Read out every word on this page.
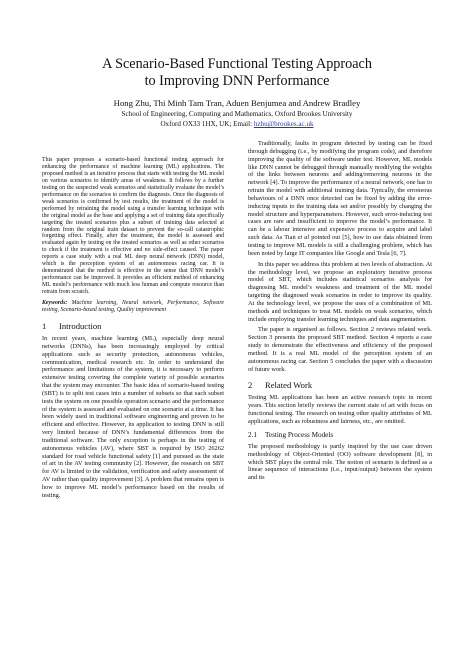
A Scenario-Based Functional Testing Approach
to Improving DNN Performance
Hong Zhu, Thi Minh Tam Tran, Aduen Benjumea and Andrew Bradley
School of Engineering, Computing and Mathematics, Oxford Brookes University
Oxford OX33 1HX, UK; Email: hzhu@brookes.ac.uk

This paper proposes a scenario-based functional testing approach for enhancing the performance of machine learning (ML) applications. The proposed method is an iterative process that starts with testing the ML model on various scenarios to identify areas of weakness. It follows by a further testing on the suspected weak scenarios and statistically evaluate the model’s performance on the scenarios to confirm the diagnosis. Once the diagnosis of weak scenarios is confirmed by test results, the treatment of the model is performed by retraining the model using a transfer learning technique with the original model as the base and applying a set of training data specifically targeting the treated scenarios plus a subset of training data selected at random from the original train dataset to prevent the so-call catastrophic forgetting effect. Finally, after the treatment, the model is assessed and evaluated again by testing on the treated scenarios as well as other scenarios to check if the treatment is effective and no side-effect caused. The paper reports a case study with a real ML deep neural network (DNN) model, which is the perception system of an autonomous racing car. It is demonstrated that the method is effective in the sense that DNN model’s performance can be improved. It provides an efficient method of enhancing ML model’s performance with much less human and compute resource than retrain from scratch.

Keywords: Machine learning, Neural network, Performance, Software testing, Scenario-based testing, Quality improvement

1 Introduction

In recent years, machine learning (ML), especially deep neural networks (DNNs), has been increasingly employed by critical applications such as security protection, autonomous vehicles, communication, medical research etc. In order to understand the performance and limitations of the system, it is necessary to perform extensive testing covering the complete variety of possible scenarios that the system may encounter. The basic idea of scenario-based testing (SBT) is to split test cases into a number of subsets so that each subset tests the system on one possible operation scenario and the performance of the system is assessed and evaluated on one scenario at a time. It has been widely used in traditional software engineering and proven to be efficient and effective. However, its application to testing DNN is still very limited because of DNN’s fundamental differences from the traditional software. The only exception is perhaps in the testing of autonomous vehicles (AV), where SBT is required by ISO 26262 standard for road vehicle functional safety [1] and pursued as the state of art in the AV testing community [2]. However, the research on SBT for AV is limited to the validation, verification and safety assessment of AV rather than quality improvement [3]. A problem that remains open is how to improve ML model’s performance based on the results of testing.

Traditionally, faults in program detected by testing can be fixed through debugging (i.e., by modifying the program code), and therefore improving the quality of the software under test. However, ML models like DNN cannot be debugged through manually modifying the weights of the links between neurons and adding/removing neurons in the network [4]. To improve the performance of a neural network, one has to retrain the model with additional training data. Typically, the erroneous behaviours of a DNN once detected can be fixed by adding the error-inducing inputs to the training data set and/or possibly by changing the model structure and hyperparameters. However, such error-inducing test cases are rare and insufficient to improve the model’s performance. It can be a labour intensive and expensive process to acquire and label such data. As Tian et al pointed out [5], how to use data obtained from testing to improve ML models is still a challenging problem, which has been noted by large IT companies like Google and Tesla [6, 7].

In this paper we address this problem at two levels of abstraction. At the methodology level, we propose an exploratory iterative process model of SBT, which includes statistical scenarios analysis for diagnosing ML model’s weakness and treatment of the ML model targeting the diagnosed weak scenarios in order to improve its quality. At the technology level, we propose the uses of a combination of ML methods and techniques to treat ML models on weak scenarios, which include employing transfer learning techniques and data augmentation.

The paper is organised as follows. Section 2 reviews related work. Section 3 presents the proposed SBT method. Section 4 reports a case study to demonstrate the effectiveness and efficiency of the proposed method. It is a real ML model of the perception system of an autonomous racing car. Section 5 concludes the paper with a discussion of future work.

2 Related Work

Testing ML applications has been an active research topic in recent years. This section briefly reviews the current state of art with focus on functional testing. The research on testing other quality attributes of ML applications, such as robustness and fairness, etc., are omitted.

2.1 Testing Process Models

The proposed methodology is partly inspired by the use case driven methodology of Object-Oriented (OO) software development [8], in which SBT plays the central role. The notion of scenario is defined as a linear sequence of interactions (i.e., input/output) between the system and its
